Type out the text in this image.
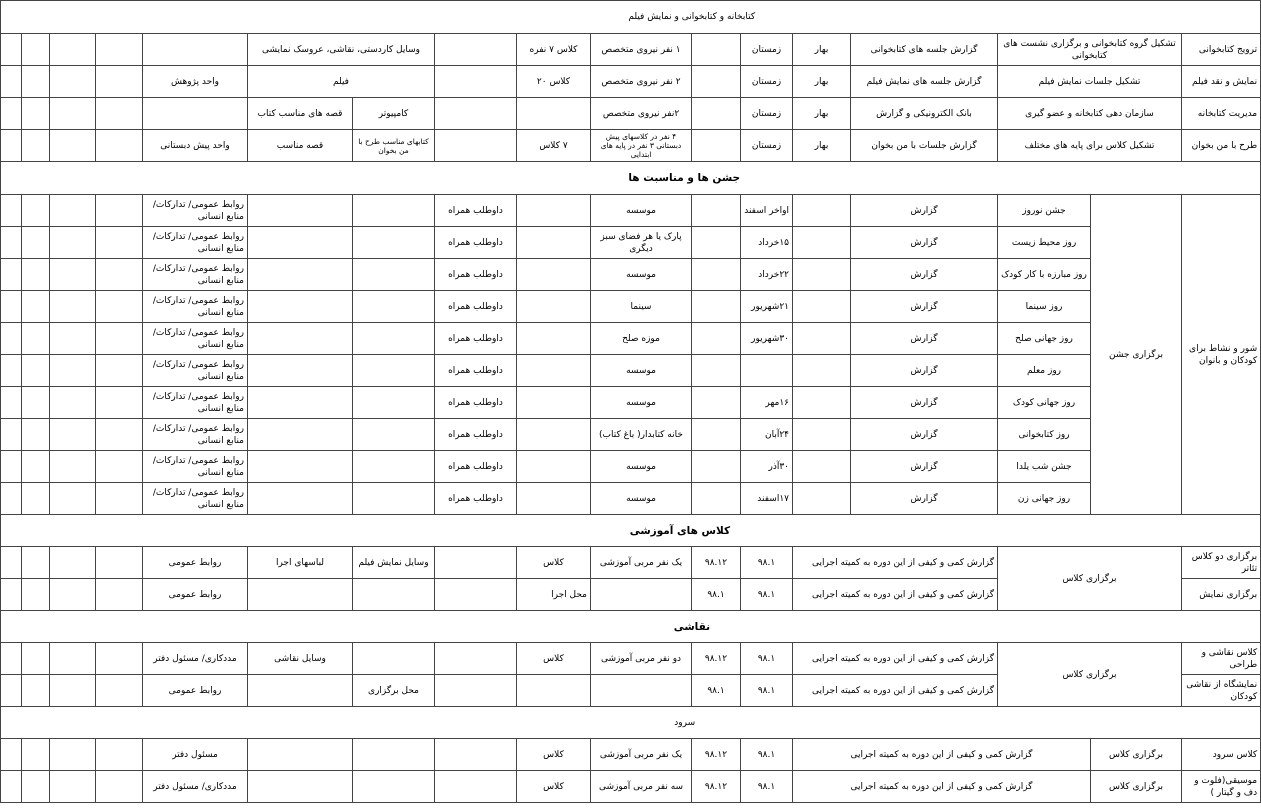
کتابخانه و کتابخوانی و نمایش فیلم																
					وسایل کاردستی، نقاشی، عروسک نمایشی			کلاس ۷ نفره	۱ نفر نیروی متخصص		زمستان	بهار	گزارش جلسه های کتابخوانی	تشکیل گروه کتابخوانی و برگزاری نشست های کتابخوانی		ترویج کتابخوانی
				واحد پژوهش	فیلم			کلاس ۲۰	۲ نفر نیروی متخصص		زمستان	بهار	گزارش جلسه های نمایش فیلم	تشکیل جلسات نمایش فیلم		نمایش و نقد فیلم
					قصه های مناسب کتاب	کامپیوتر			۲نفر نیروی متخصص		زمستان	بهار	بانک الکترونیکی و گزارش	سازمان دهی کتابخانه و عضو گیری		مدیریت کتابخانه
				واحد پیش دبستانی	قصه مناسب	کتابهای مناسب طرح با من بخوان		۷ کلاس	۴ نفر در کلاسهای پیش دبستانی ۳ نفر در پایه های ابتدایی		زمستان	بهار	گزارش جلسات با من بخوان	تشکیل کلاس برای پایه های مختلف		طرح با من بخوان
جشن ها و مناسبت ها																
				روابط عمومی/ تدارکات/ منابع انسانی			داوطلب همراه		موسسه		اواخر اسفند		گزارش	جشن نوروز	برگزاری جشن	شور و نشاط برای کودکان و بانوان
				روابط عمومی/ تدارکات/ منابع انسانی			داوطلب همراه		پارک یا هر فضای سبز دیگری		۱۵خرداد		گزارش	روز محیط زیست		
				روابط عمومی/ تدارکات/ منابع انسانی			داوطلب همراه		موسسه		۲۲خرداد		گزارش	روز مبارزه با کار کودک		
				روابط عمومی/ تدارکات/ منابع انسانی			داوطلب همراه		سینما		۲۱شهریور		گزارش	روز سینما		
				روابط عمومی/ تدارکات/ منابع انسانی			داوطلب همراه		موزه صلح		۳۰شهریور		گزارش	روز جهانی صلح		
				روابط عمومی/ تدارکات/ منابع انسانی			داوطلب همراه		موسسه				گزارش	روز معلم		
				روابط عمومی/ تدارکات/ منابع انسانی			داوطلب همراه		موسسه		۱۶مهر		گزارش	روز جهانی کودک		
				روابط عمومی/ تدارکات/ منابع انسانی			داوطلب همراه		خانه کتابدار( باغ کتاب)		۲۴آبان		گزارش	روز کتابخوانی		
				روابط عمومی/ تدارکات/ منابع انسانی			داوطلب همراه		موسسه		۳۰آذر		گزارش	جشن شب یلدا		
				روابط عمومی/ تدارکات/ منابع انسانی			داوطلب همراه		موسسه		۱۷اسفند		گزارش	روز جهانی زن		
کلاس های آموزشی																
				روابط عمومی	لباسهای اجرا	وسایل نمایش فیلم		کلاس	یک نفر مربی آموزشی	۹۸.۱۲	۹۸.۱	گزارش کمی و کیفی از این دوره به کمیته اجرایی		برگزاری کلاس		برگزاری دو کلاس تئاتر
				روابط عمومی				محل اجرا		۹۸.۱	۹۸.۱	گزارش کمی و کیفی از این دوره به کمیته اجرایی				برگزاری نمایش
نقاشی																
				مددکاری/ مسئول دفتر	وسایل نقاشی			کلاس	دو نفر مربی آموزشی	۹۸.۱۲	۹۸.۱	گزارش کمی و کیفی از این دوره به کمیته اجرایی		برگزاری کلاس		کلاس نقاشی و طراحی
				روابط عمومی		محل برگزاری				۹۸.۱	۹۸.۱	گزارش کمی و کیفی از این دوره به کمیته اجرایی				نمایشگاه از نقاشی کودکان
سرود																
				مسئول دفتر				کلاس	یک نفر مربی آموزشی	۹۸.۱۲	۹۸.۱	گزارش کمی و کیفی از این دوره به کمیته اجرایی			برگزاری کلاس	کلاس سرود
				مددکاری/ مسئول دفتر				کلاس	سه نفر مربی آموزشی	۹۸.۱۲	۹۸.۱	گزارش کمی و کیفی از این دوره به کمیته اجرایی			برگزاری کلاس	موسیقی(فلوت و دف و گیتار )
